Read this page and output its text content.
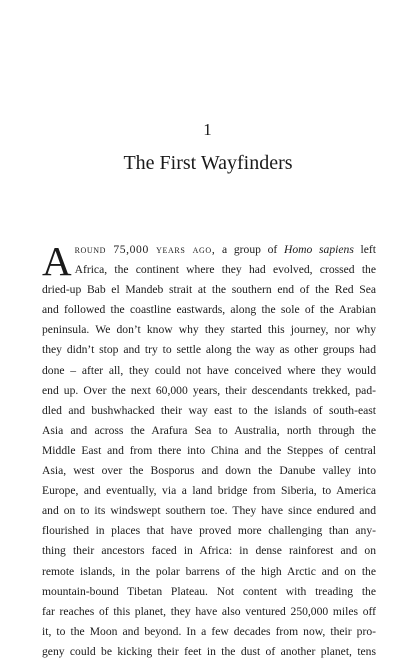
1
The First Wayfinders
A round 75,000 years ago, a group of Homo sapiens left
Africa, the continent where they had evolved, crossed the
dried-up Bab el Mandeb strait at the southern end of the Red Sea
and followed the coastline eastwards, along the sole of the Arabian
peninsula. We don’t know why they started this journey, nor why
they didn’t stop and try to settle along the way as other groups had
done – after all, they could not have conceived where they would
end up. Over the next 60,000 years, their descendants trekked, pad-
dled and bushwhacked their way east to the islands of south-east
Asia and across the Arafura Sea to Australia, north through the
Middle East and from there into China and the Steppes of central
Asia, west over the Bosporus and down the Danube valley into
Europe, and eventually, via a land bridge from Siberia, to America
and on to its windswept southern toe. They have since endured and
flourished in places that have proved more challenging than any-
thing their ancestors faced in Africa: in dense rainforest and on
remote islands, in the polar barrens of the high Arctic and on the
mountain-bound Tibetan Plateau. Not content with treading the
far reaches of this planet, they have also ventured 250,000 miles off
it, to the Moon and beyond. In a few decades from now, their pro-
geny could be kicking their feet in the dust of another planet, tens
